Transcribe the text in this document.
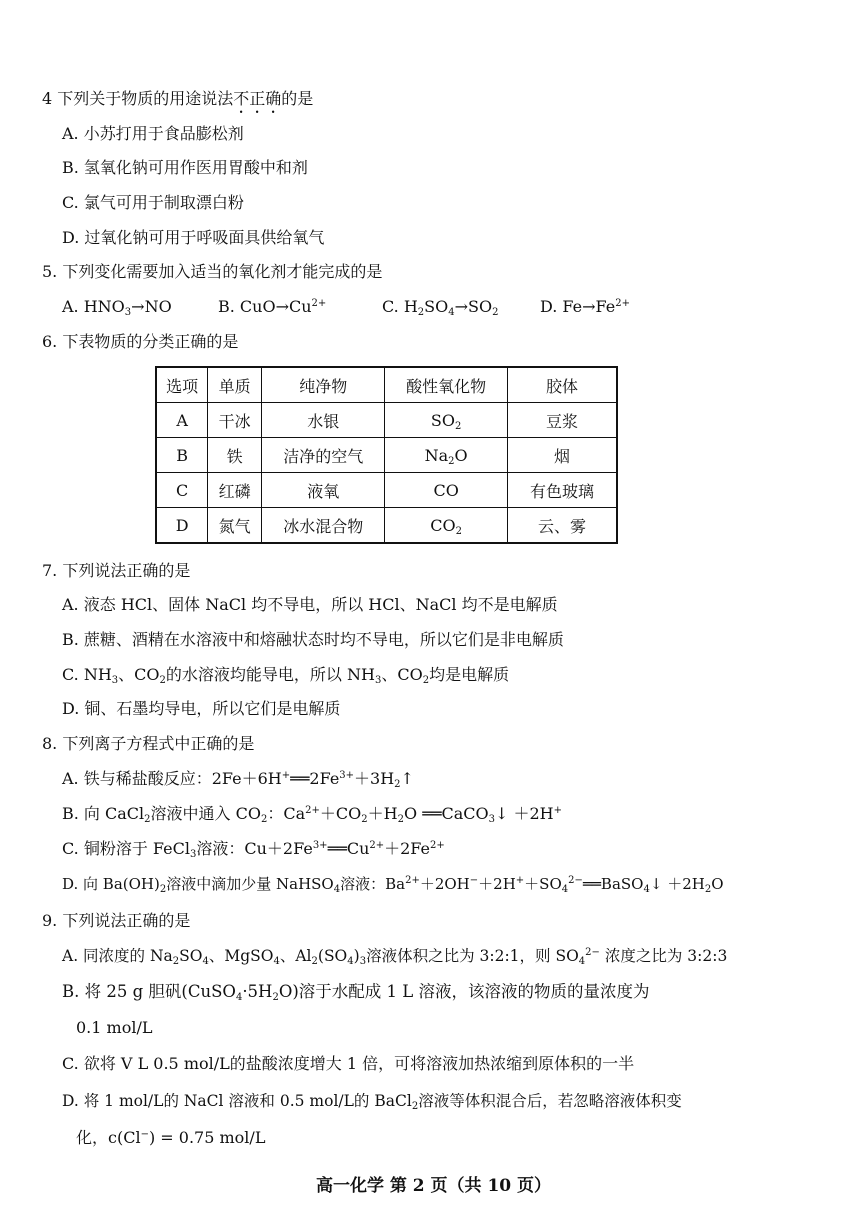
4 下列关于物质的用途说法不正确的是
A. 小苏打用于食品膨松剂
B. 氢氧化钠可用作医用胃酸中和剂
C. 氯气可用于制取漂白粉
D. 过氧化钠可用于呼吸面具供给氧气
5. 下列变化需要加入适当的氧化剂才能完成的是
A. $HNO_3\to NO$	B. $CuO\to Cu^{2+}$	C. $H_2SO_4\to SO_2$	D. $Fe\to Fe^{2+}$
6. 下表物质的分类正确的是
选项	单质	纯净物	酸性氧化物	胶体
A	干冰	水银	$SO_2$	豆浆
B	铁	洁净的空气	$Na_2O$	烟
C	红磷	液氧	CO	有色玻璃
D	氮气	冰水混合物	$CO_2$	云、雾
7. 下列说法正确的是
A. 液态 HCl、固体 NaCl 均不导电，所以 HCl、NaCl 均不是电解质
B. 蔗糖、酒精在水溶液中和熔融状态时均不导电，所以它们是非电解质
C. $NH_3$、$CO_2$的水溶液均能导电，所以 $NH_3$、$CO_2$均是电解质
D. 铜、石墨均导电，所以它们是电解质
8. 下列离子方程式中正确的是
A. 铁与稀盐酸反应：$2Fe+6H^+══2Fe^{3+}+3H_2↑$
B. 向 CaCl$_2$溶液中通入 $CO_2$：$Ca^{2+}+CO_2+H_2O$ ══CaCO$_3$↓ ＋2H+
C. 铜粉溶于 FeCl$_3$溶液：$Cu+2Fe^{3+}══Cu^{2+}+2Fe^{2+}$
D. 向 $Ba(OH)_2$溶液中滴加少量 NaHSO$_4$溶液：$Ba^{2+}+2OH^-+2H^++SO_4^{2-}══BaSO_4↓ +2H_2O$
9. 下列说法正确的是
A. 同浓度的 $Na_2SO_4$、MgSO$_4$、$Al_2(SO_4)_3$溶液体积之比为 3:2:1，则 $SO_4^{2-}$ 浓度之比为 3:2:3
B. 将 25 g 胆矾$(CuSO_4\cdot 5H_2O)$溶于水配成 1 L 溶液，该溶液的物质的量浓度为
0.1 mol/L
C. 欲将 V L 0.5 mol/L的盐酸浓度增大 1 倍，可将溶液加热浓缩到原体积的一半
D. 将 1 mol/L的 NaCl 溶液和 0.5 mol/L的 BaCl$_2$溶液等体积混合后，若忽略溶液体积变
化，c(Cl−) = 0.75 mol/L
高一化学 第 2 页（共 10 页）
